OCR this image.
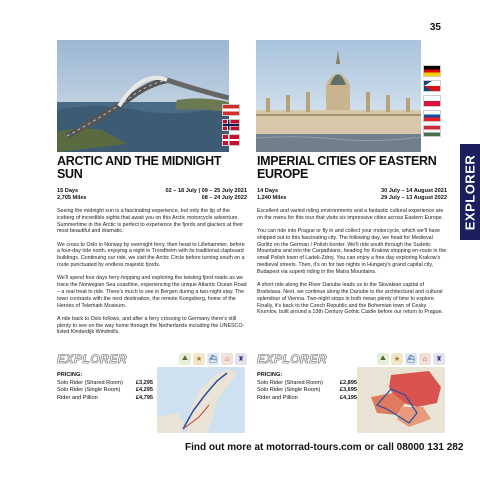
35
EXPLORER
ARCTIC AND THE MIDNIGHT SUN
15 Days	02 – 18 July | 09 – 25 July 2021
2,705 Miles	08 – 24 July 2022

Seeing the midnight sun is a fascinating experience, but only the tip of the iceberg of incredible sights that await you on this Arctic motorcycle adventure. Summertime in the Arctic is perfect to experience the fjords and glaciers at their most beautiful and dramatic.

We cross to Oslo in Norway by overnight ferry, then head to Lillehammer, before a four-day ride north, enjoying a night in Trondheim with its traditional clapboard buildings. Continuing our ride, we visit the Arctic Circle before turning south on a route punctuated by endless majestic fjords.

We'll spend four days ferry-hopping and exploring the twisting fjord roads as we trace the Norwegian Sea coastline, experiencing the unique Atlantic Ocean Road – a real treat to ride. There's much to see in Bergen during a two-night stay. The town contrasts with the next destination, the remote Kongsberg, home of the Heroes of Telemark Museum.

A ride back to Oslo follows, and after a ferry crossing to Germany there's still plenty to see on the way home through the Netherlands including the UNESCO-listed Kinderdijk Windmills.

IMPERIAL CITIES OF EASTERN EUROPE
14 Days	30 July – 14 August 2021
1,240 Miles	29 July – 13 August 2022

Excellent and varied riding environments and a fantastic cultural experience are on the menu for this tour that visits six impressive cities across Eastern Europe.

You can ride into Prague or fly in and collect your motorcycle, which we'll have shipped out to this fascinating city. The following day, we head for Medieval Gorlitz on the German / Polish border. We'll ride south through the Sudetic Mountains and into the Carpathians, heading for Krakow stopping en-route in the small Polish town of Ladek-Zdroj. You can enjoy a free day exploring Krakow's medieval streets. Then, it's on for two nights in Hungary's grand capital city, Budapest via superb riding in the Matra Mountains.

A short ride along the River Danube leads us to the Slovakian capital of Bratislava. Next, we continue along the Danube to the architectural and cultural splendour of Vienna. Two-night stops in both mean plenty of time to explore. Finally, it's back to the Czech Republic and the Bohemian town of Cesky Krumlov, built around a 13th Century Gothic Castle before our return to Prague.

EXPLORER	⛰	★ ⛴	⌂	♜ EXPLORER	⛰	★ ⛴	⌂	♜
PRICING:
Solo Rider (Shared Room) £3,295
Solo Rider (Single Room)	£4,295
Rider and Pillion	£4,795
PRICING:
Solo Rider (Shared Room)	£2,895
Solo Rider (Single Room)	£3,695
Rider and Pillion	£4,195
Find out more at motorrad-tours.com or call 08000 131 282
